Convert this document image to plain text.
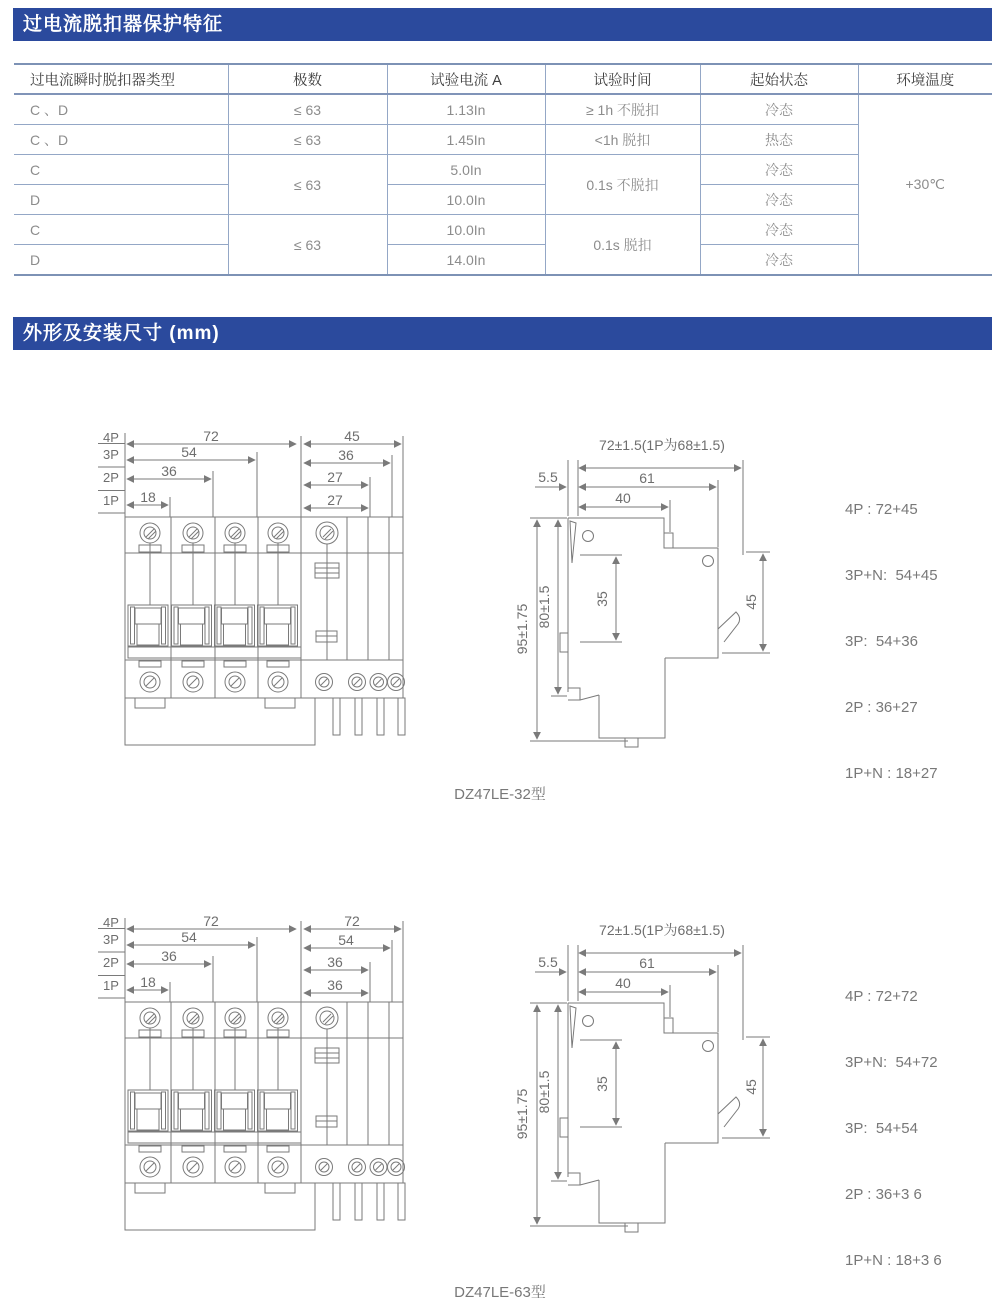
过电流脱扣器保护特征
过电流瞬时脱扣器类型	极数	试验电流 A	试验时间	起始状态	环境温度
C 、D	≤ 63	1.13In	≥ 1h 不脱扣	冷态	+30℃
C 、D	≤ 63	1.45In	<1h 脱扣	热态	
C	≤ 63	5.0In	0.1s 不脱扣	冷态	
D		10.0In		冷态	
C	≤ 63	10.0In	0.1s 脱扣	冷态	
D		14.0In		冷态	
外形及安装尺寸 (mm)
4P
3P
2P
1P
72
54
36
18
45
36
27
27
72±1.5(1P为68±1.5)
5.5	61
40
95±1.75 80±1.5	35	45

4P : 72+45

3P+N:  54+45

3P:  54+36

2P : 36+27

1P+N : 18+27

DZ47LE-32型
4P
3P
2P
1P
72
54
36
18
72
54
36
36
72±1.5(1P为68±1.5)
5.5	61
40
95±1.75 80±1.5	35	45

4P : 72+72

3P+N:  54+72

3P:  54+54

2P : 36+3 6

1P+N : 18+3 6

DZ47LE-63型
